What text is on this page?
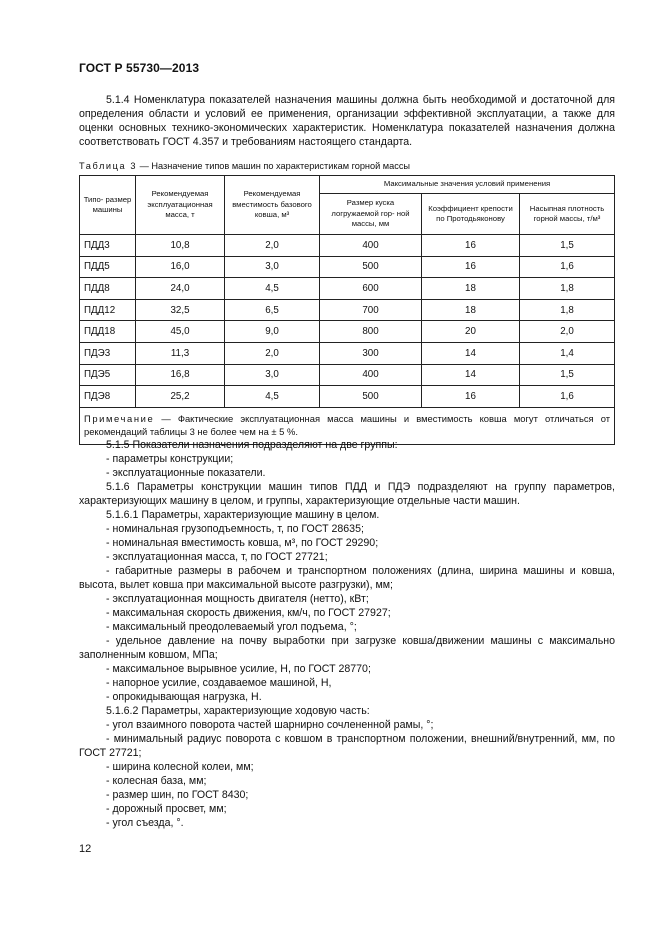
ГОСТ Р 55730—2013

5.1.4 Номенклатура показателей назначения машины должна быть необходимой и достаточной для определения области и условий ее применения, организации эффективной эксплуатации, а также для оценки основных технико-экономических характеристик. Номенклатура показателей назначения должна соответствовать ГОСТ 4.357 и требованиям настоящего стандарта.

Таблица 3 — Назначение типов машин по характеристикам горной массы

Типо- размер машины	Рекомендуемая эксплуатационная масса, т	Рекомендуемая вместимость базового ковша, м³	Максимальные значения условий применения		
			Размер куска логружаемой гор- ной массы, мм	Коэффициент крепости по Протодьяконову	Насыпная плотность горной массы, т/м³
ПДД3	10,8	2,0	400	16	1,5
ПДД5	16,0	3,0	500	16	1,6
ПДД8	24,0	4,5	600	18	1,8
ПДД12	32,5	6,5	700	18	1,8
ПДД18	45,0	9,0	800	20	2,0
ПДЭ3	11,3	2,0	300	14	1,4
ПДЭ5	16,8	3,0	400	14	1,5
ПДЭ8	25,2	4,5	500	16	1,6
Примечание — Фактические эксплуатационная масса машины и вместимость ковша могут отличаться от рекомендаций таблицы 3 не более чем на ± 5 %.					

5.1.5 Показатели назначения подразделяют на две группы:

- параметры конструкции;

- эксплуатационные показатели.

5.1.6 Параметры конструкции машин типов ПДД и ПДЭ подразделяют на группу параметров, характеризующих машину в целом, и группы, характеризующие отдельные части машин.

5.1.6.1 Параметры, характеризующие машину в целом.

- номинальная грузоподъемность, т, по ГОСТ 28635;

- номинальная вместимость ковша, м³, по ГОСТ 29290;

- эксплуатационная масса, т, по ГОСТ 27721;

- габаритные размеры в рабочем и транспортном положениях (длина, ширина машины и ковша, высота, вылет ковша при максимальной высоте разгрузки), мм;

- эксплуатационная мощность двигателя (нетто), кВт;

- максимальная скорость движения, км/ч, по ГОСТ 27927;

- максимальный преодолеваемый угол подъема, °;

- удельное давление на почву выработки при загрузке ковша/движении машины с максимально заполненным ковшом, МПа;

- максимальное вырывное усилие, Н, по ГОСТ 28770;

- напорное усилие, создаваемое машиной, Н,

- опрокидывающая нагрузка, Н.

5.1.6.2 Параметры, характеризующие ходовую часть:

- угол взаимного поворота частей шарнирно сочлененной рамы, °;

- минимальный радиус поворота с ковшом в транспортном положении, внешний/внутренний, мм, по ГОСТ 27721;

- ширина колесной колеи, мм;

- колесная база, мм;

- размер шин, по ГОСТ 8430;

- дорожный просвет, мм;

- угол съезда, °.

12
